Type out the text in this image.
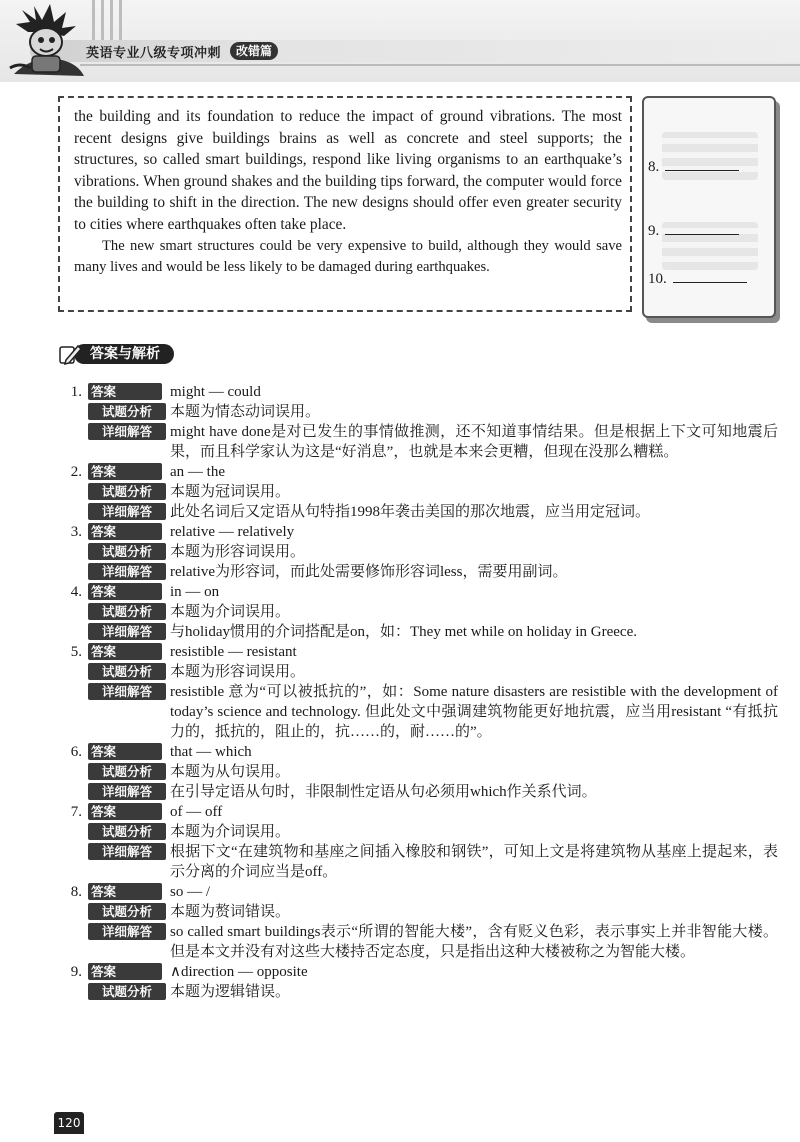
英语专业八级专项冲刺	改错篇

the building and its foundation to reduce the impact of ground vibrations. The most recent designs give buildings brains as well as concrete and steel supports; the structures, so called smart buildings, respond like living organisms to an earthquake’s vibrations. When ground shakes and the building tips forward, the computer would force the building to shift in the direction. The new designs should offer even greater security to cities where earthquakes often take place.

The new smart structures could be very expensive to build, although they would save many lives and would be less likely to be damaged during earthquakes.

8.
9.
10.
答案与解析
1. 答案	might — could
试题分析	本题为情态动词误用。
详细解答	might have done是对已发生的事情做推测，还不知道事情结果。但是根据上下文可知地震后果，而且科学家认为这是“好消息”，也就是本来会更糟，但现在没那么糟糕。
2. 答案	an — the
试题分析	本题为冠词误用。
详细解答	此处名词后又定语从句特指1998年袭击美国的那次地震，应当用定冠词。
3. 答案	relative — relatively
试题分析	本题为形容词误用。
详细解答	relative为形容词，而此处需要修饰形容词less，需要用副词。
4. 答案	in — on
试题分析	本题为介词误用。
详细解答	与holiday惯用的介词搭配是on，如：They met while on holiday in Greece.
5. 答案	resistible — resistant
试题分析	本题为形容词误用。
详细解答	resistible 意为“可以被抵抗的”，如：Some nature disasters are resistible with the development of today’s science and technology. 但此处文中强调建筑物能更好地抗震，应当用resistant “有抵抗力的，抵抗的，阻止的，抗……的，耐……的”。
6. 答案	that — which
试题分析	本题为从句误用。
详细解答	在引导定语从句时，非限制性定语从句必须用which作关系代词。
7. 答案	of — off
试题分析	本题为介词误用。
详细解答	根据下文“在建筑物和基座之间插入橡胶和钢铁”，可知上文是将建筑物从基座上提起来，表示分离的介词应当是off。
8. 答案	so — /
试题分析	本题为赘词错误。
详细解答	so called smart buildings表示“所谓的智能大楼”，含有贬义色彩，表示事实上并非智能大楼。但是本文并没有对这些大楼持否定态度，只是指出这种大楼被称之为智能大楼。
9. 答案	∧direction — opposite
试题分析	本题为逻辑错误。
120
